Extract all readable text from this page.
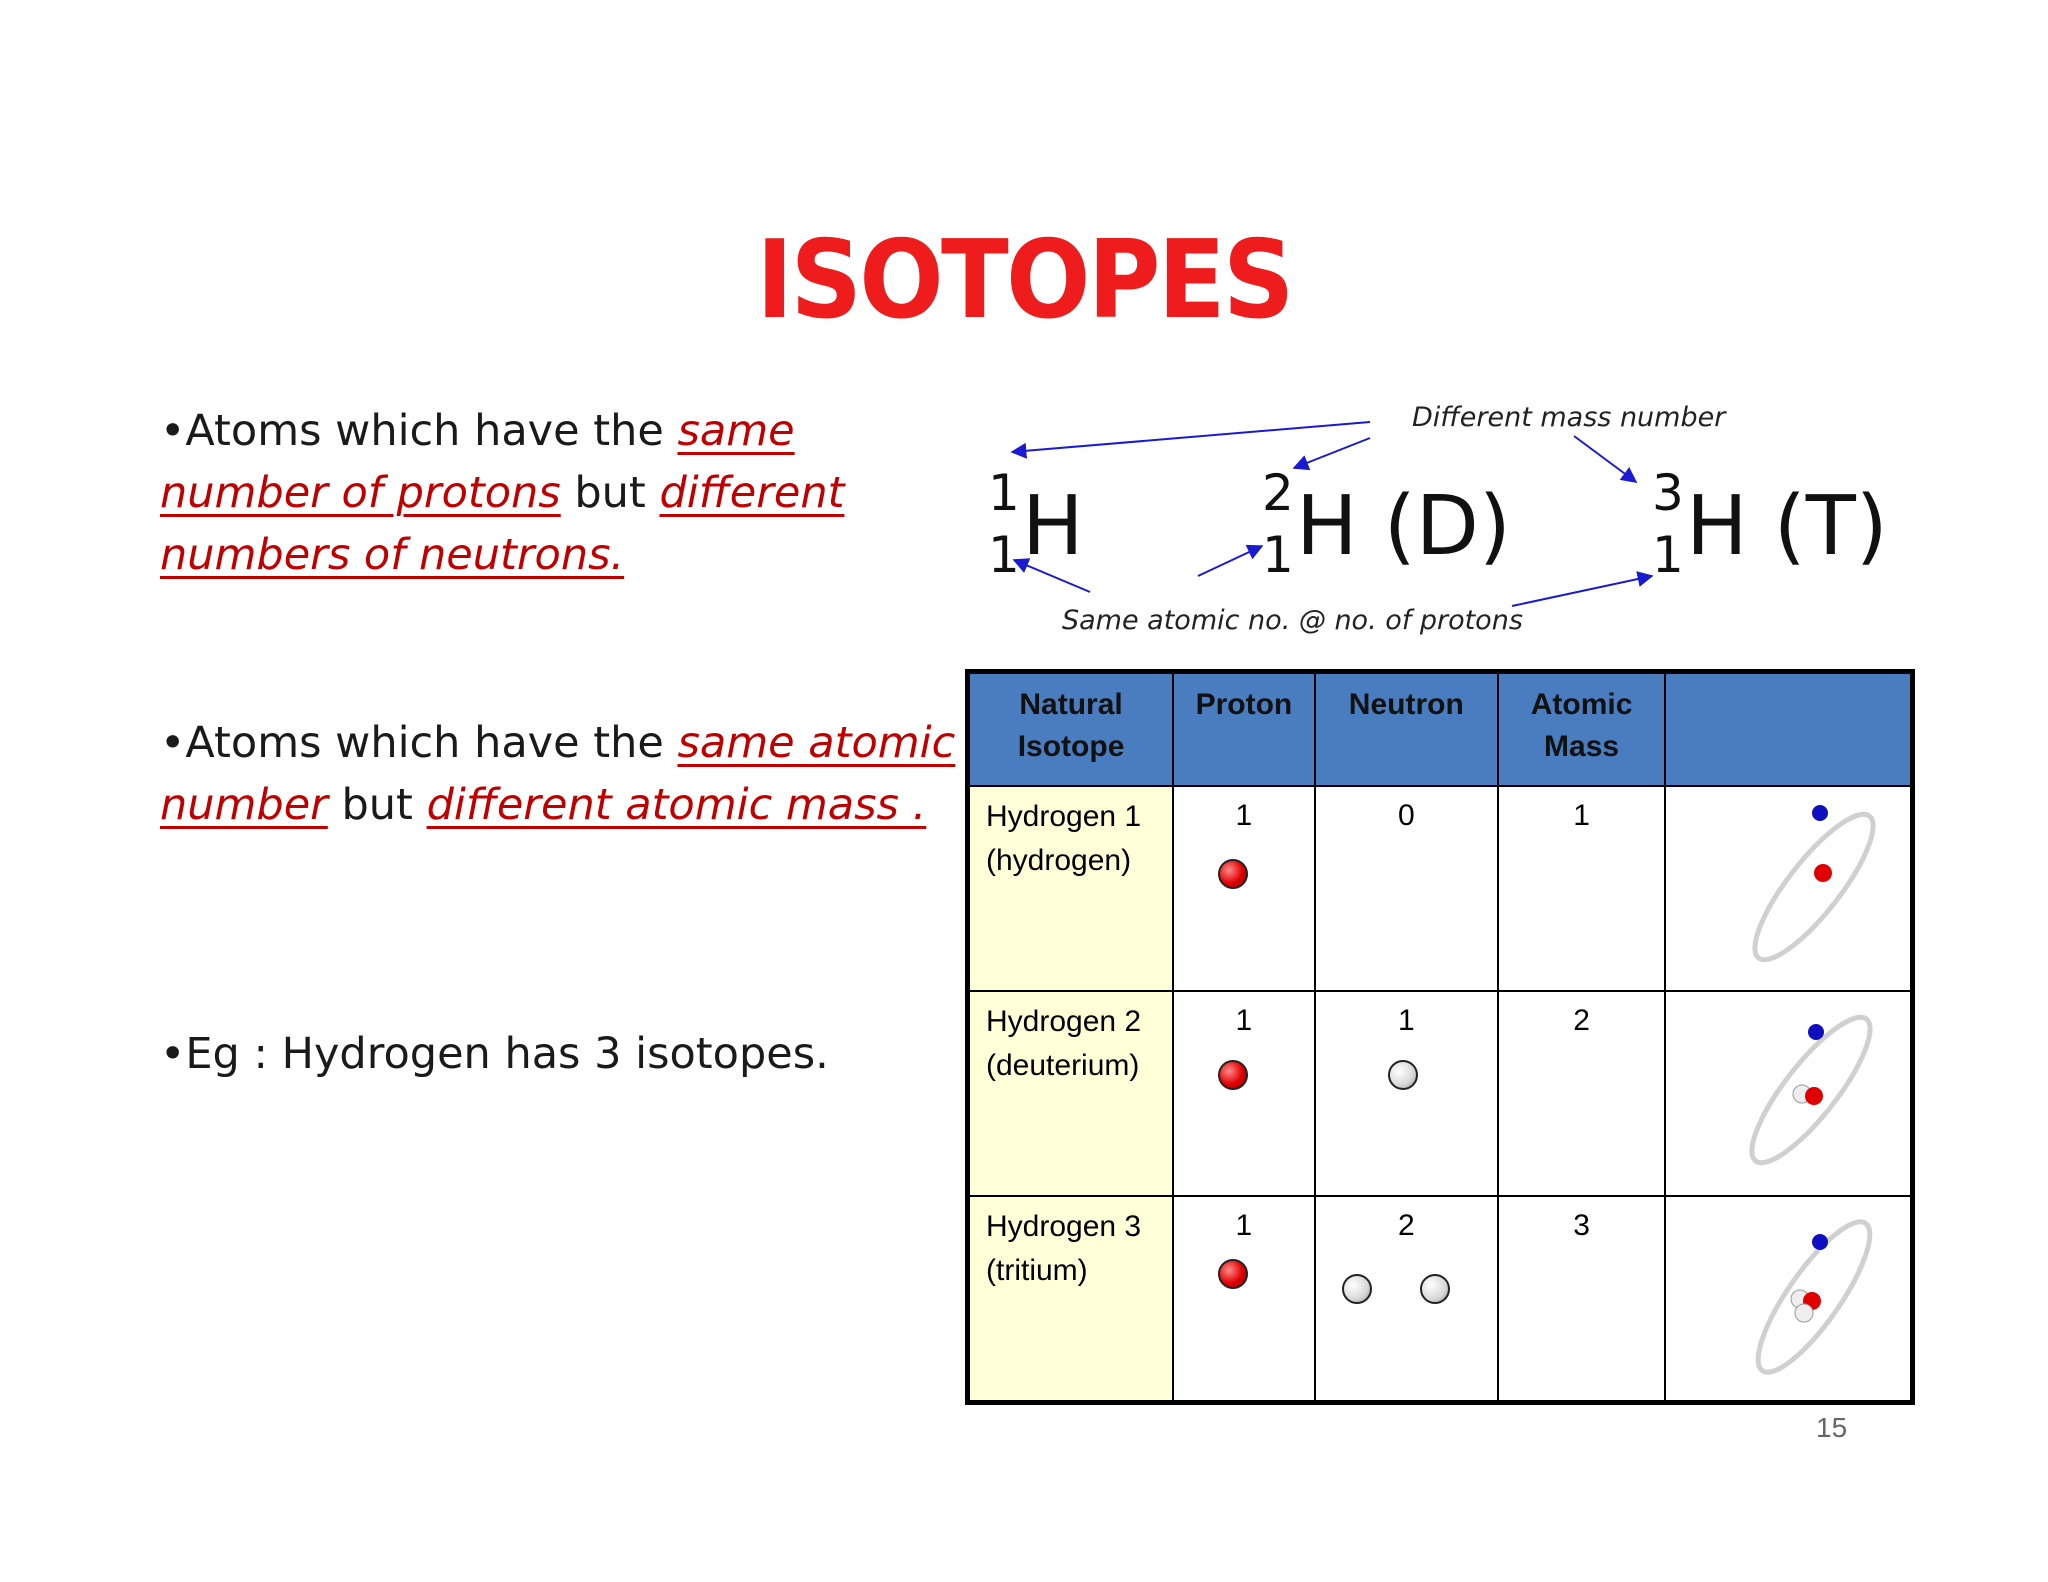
ISOTOPES
•Atoms which have the same number of protons but different numbers of neutrons.
•Atoms which have the same atomic number but different atomic mass .
•Eg : Hydrogen has 3 isotopes.
1
1 H	2
1 H (D)	3
1 H (T)
Different mass number
Same atomic no. @ no. of protons
Natural Isotope	Proton	Neutron	Atomic Mass	

Hydrogen 1
(hydrogen)	1	0	1	

Hydrogen 2
(deuterium)	1	1	2	

Hydrogen 3
(tritium)	1	2	3	
15
